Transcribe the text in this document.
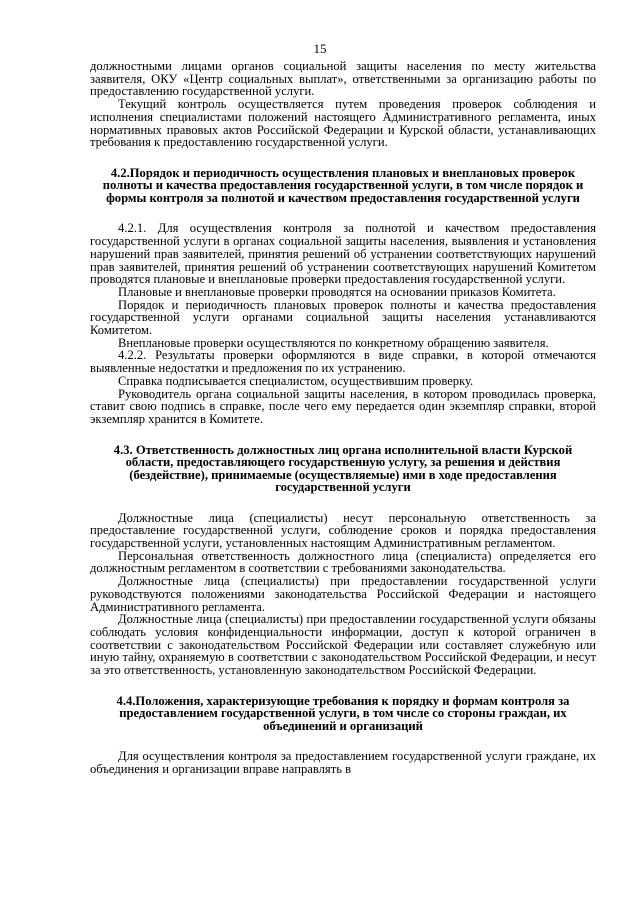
15

должностными лицами органов социальной защиты населения по месту жительства заявителя, ОКУ «Центр социальных выплат», ответственными за организацию работы по предоставлению государственной услуги.

Текущий контроль осуществляется путем проведения проверок соблюдения и исполнения специалистами положений настоящего Административного регламента, иных нормативных правовых актов Российской Федерации и Курской области, устанавливающих требования к предоставлению государственной услуги.

4.2.Порядок и периодичность осуществления плановых и внеплановых проверок полноты и качества предоставления государственной услуги, в том числе порядок и формы контроля за полнотой и качеством предоставления государственной услуги

4.2.1. Для осуществления контроля за полнотой и качеством предоставления государственной услуги в органах социальной защиты населения, выявления и установления нарушений прав заявителей, принятия решений об устранении соответствующих нарушений прав заявителей, принятия решений об устранении соответствующих нарушений Комитетом проводятся плановые и внеплановые проверки предоставления государственной услуги.

Плановые и внеплановые проверки проводятся на основании приказов Комитета.

Порядок и периодичность плановых проверок полноты и качества предоставления государственной услуги органами социальной защиты населения устанавливаются Комитетом.

Внеплановые проверки осуществляются по конкретному обращению заявителя.

4.2.2. Результаты проверки оформляются в виде справки, в которой отмечаются выявленные недостатки и предложения по их устранению.

Справка подписывается специалистом, осуществившим проверку.

Руководитель органа социальной защиты населения, в котором проводилась проверка, ставит свою подпись в справке, после чего ему передается один экземпляр справки, второй экземпляр хранится в Комитете.

4.3. Ответственность должностных лиц органа исполнительной власти Курской области, предоставляющего государственную услугу, за решения и действия (бездействие), принимаемые (осуществляемые) ими в ходе предоставления государственной услуги

Должностные лица (специалисты) несут персональную ответственность за предоставление государственной услуги, соблюдение сроков и порядка предоставления государственной услуги, установленных настоящим Административным регламентом.

Персональная ответственность должностного лица (специалиста) определяется его должностным регламентом в соответствии с требованиями законодательства.

Должностные лица (специалисты) при предоставлении государственной услуги руководствуются положениями законодательства Российской Федерации и настоящего Административного регламента.

Должностные лица (специалисты) при предоставлении государственной услуги обязаны соблюдать условия конфиденциальности информации, доступ к которой ограничен в соответствии с законодательством Российской Федерации или составляет служебную или иную тайну, охраняемую в соответствии с законодательством Российской Федерации, и несут за это ответственность, установленную законодательством Российской Федерации.

4.4.Положения, характеризующие требования к порядку и формам контроля за предоставлением государственной услуги, в том числе со стороны граждан, их объединений и организаций

Для осуществления контроля за предоставлением государственной услуги граждане, их объединения и организации вправе направлять в
